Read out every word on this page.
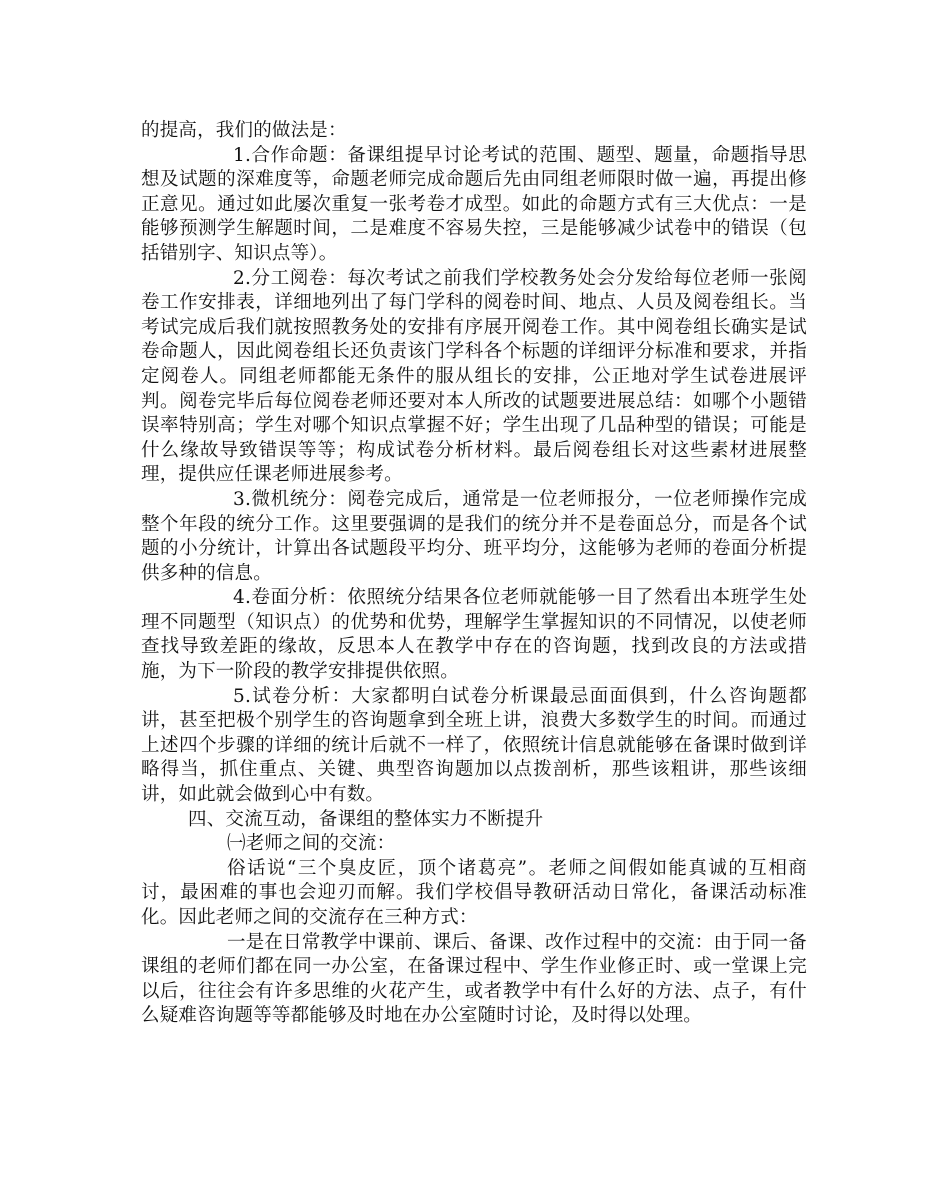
的提高，我们的做法是：

1.合作命题：备课组提早讨论考试的范围、题型、题量，命题指导思想及试题的深难度等，命题老师完成命题后先由同组老师限时做一遍，再提出修正意见。通过如此屡次重复一张考卷才成型。如此的命题方式有三大优点：一是能够预测学生解题时间，二是难度不容易失控，三是能够减少试卷中的错误（包括错别字、知识点等）。

2.分工阅卷：每次考试之前我们学校教务处会分发给每位老师一张阅卷工作安排表，详细地列出了每门学科的阅卷时间、地点、人员及阅卷组长。当考试完成后我们就按照教务处的安排有序展开阅卷工作。其中阅卷组长确实是试卷命题人，因此阅卷组长还负责该门学科各个标题的详细评分标准和要求，并指定阅卷人。同组老师都能无条件的服从组长的安排，公正地对学生试卷进展评判。阅卷完毕后每位阅卷老师还要对本人所改的试题要进展总结：如哪个小题错误率特别高；学生对哪个知识点掌握不好；学生出现了几品种型的错误；可能是什么缘故导致错误等等；构成试卷分析材料。最后阅卷组长对这些素材进展整理，提供应任课老师进展参考。

3.微机统分：阅卷完成后，通常是一位老师报分，一位老师操作完成整个年段的统分工作。这里要强调的是我们的统分并不是卷面总分，而是各个试题的小分统计，计算出各试题段平均分、班平均分，这能够为老师的卷面分析提供多种的信息。

4.卷面分析：依照统分结果各位老师就能够一目了然看出本班学生处理不同题型（知识点）的优势和优势，理解学生掌握知识的不同情况，以使老师查找导致差距的缘故，反思本人在教学中存在的咨询题，找到改良的方法或措施，为下一阶段的教学安排提供依照。

5.试卷分析：大家都明白试卷分析课最忌面面俱到，什么咨询题都讲，甚至把极个别学生的咨询题拿到全班上讲，浪费大多数学生的时间。而通过上述四个步骤的详细的统计后就不一样了，依照统计信息就能够在备课时做到详略得当，抓住重点、关键、典型咨询题加以点拨剖析，那些该粗讲，那些该细讲，如此就会做到心中有数。

四、交流互动，备课组的整体实力不断提升

㈠老师之间的交流：

俗话说“三个臭皮匠，顶个诸葛亮”。老师之间假如能真诚的互相商讨，最困难的事也会迎刃而解。我们学校倡导教研活动日常化，备课活动标准化。因此老师之间的交流存在三种方式：

一是在日常教学中课前、课后、备课、改作过程中的交流：由于同一备课组的老师们都在同一办公室，在备课过程中、学生作业修正时、或一堂课上完以后，往往会有许多思维的火花产生，或者教学中有什么好的方法、点子，有什么疑难咨询题等等都能够及时地在办公室随时讨论，及时得以处理。
